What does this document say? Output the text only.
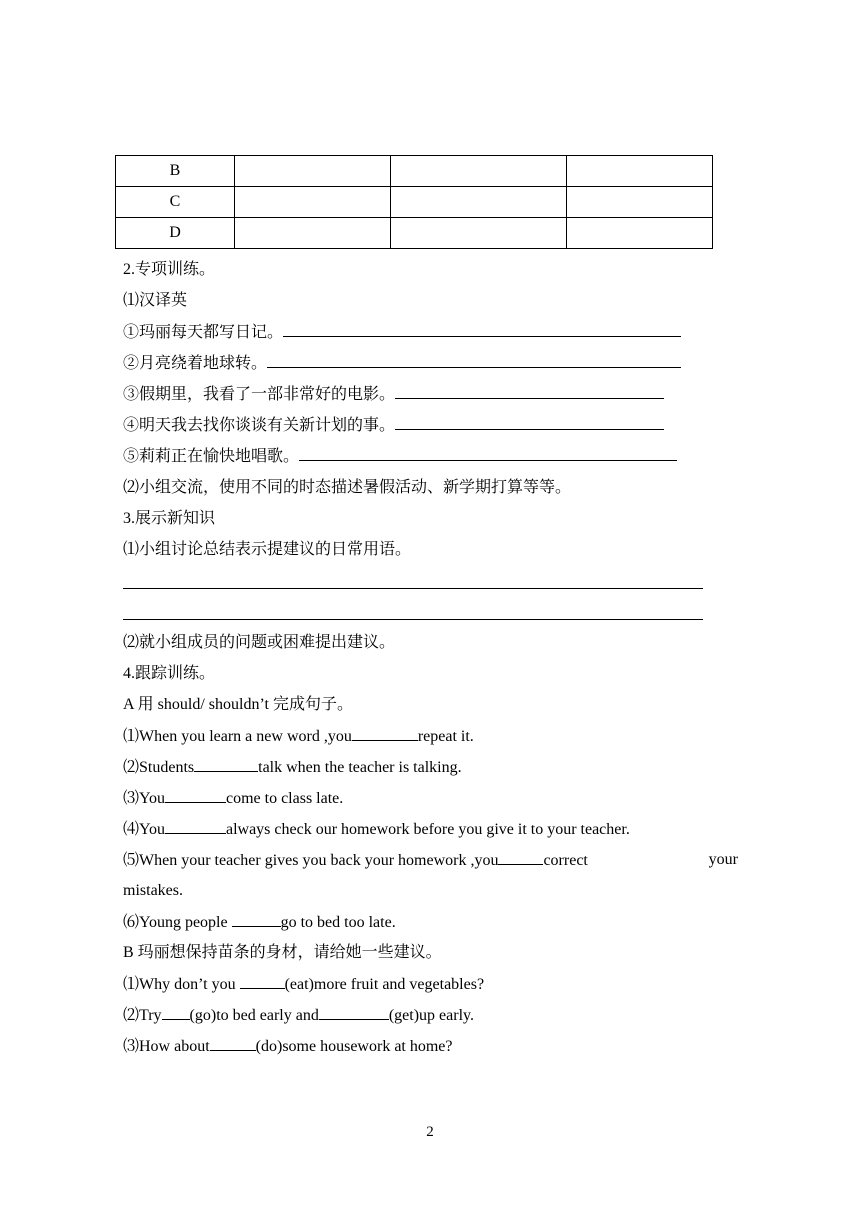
B			
C			
D			
2.专项训练。
⑴汉译英
①玛丽每天都写日记。
②月亮绕着地球转。
③假期里，我看了一部非常好的电影。
④明天我去找你谈谈有关新计划的事。
⑤莉莉正在愉快地唱歌。
⑵小组交流，使用不同的时态描述暑假活动、新学期打算等等。
3.展示新知识
⑴小组讨论总结表示提建议的日常用语。
⑵就小组成员的问题或困难提出建议。
4.跟踪训练。
A 用 should/ shouldn’t 完成句子。
⑴When you learn a new word ,you	repeat it.
⑵Students	talk when the teacher is talking.
⑶You	come to class late.
⑷You	always check our homework before you give it to your teacher.
⑸When your teacher gives you back your homework ,you	correct	your
mistakes.
⑹Young people	go to bed too late.
B 玛丽想保持苗条的身材，请给她一些建议。
⑴Why don’t you	(eat)more fruit and vegetables?
⑵Try (go)to bed early and	(get)up early.
⑶How about	(do)some housework at home?
2
